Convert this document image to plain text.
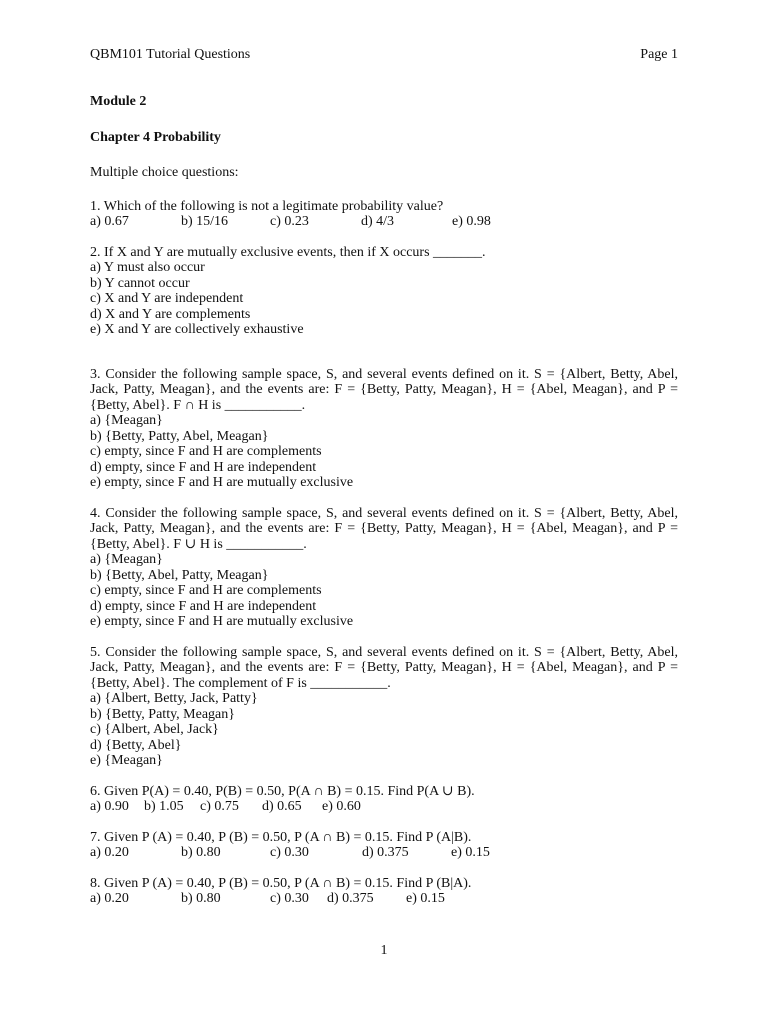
QBM101 Tutorial Questions	Page 1
Module 2
Chapter 4 Probability
Multiple choice questions:
1. Which of the following is not a legitimate probability value?
a) 0.67	b) 15/16	c) 0.23	d) 4/3	e) 0.98
2. If X and Y are mutually exclusive events, then if X occurs _______.
a) Y must also occur
b) Y cannot occur
c) X and Y are independent
d) X and Y are complements
e) X and Y are collectively exhaustive
3. Consider the following sample space, S, and several events defined on it. S = {Albert, Betty, Abel, Jack, Patty, Meagan}, and the events are: F = {Betty, Patty, Meagan}, H = {Abel, Meagan}, and P = {Betty, Abel}. F ∩ H is ___________.
a) {Meagan}
b) {Betty, Patty, Abel, Meagan}
c) empty, since F and H are complements
d) empty, since F and H are independent
e) empty, since F and H are mutually exclusive
4. Consider the following sample space, S, and several events defined on it. S = {Albert, Betty, Abel, Jack, Patty, Meagan}, and the events are: F = {Betty, Patty, Meagan}, H = {Abel, Meagan}, and P = {Betty, Abel}. F ∪ H is ___________.
a) {Meagan}
b) {Betty, Abel, Patty, Meagan}
c) empty, since F and H are complements
d) empty, since F and H are independent
e) empty, since F and H are mutually exclusive
5. Consider the following sample space, S, and several events defined on it. S = {Albert, Betty, Abel, Jack, Patty, Meagan}, and the events are: F = {Betty, Patty, Meagan}, H = {Abel, Meagan}, and P = {Betty, Abel}. The complement of F is ___________.
a) {Albert, Betty, Jack, Patty}
b) {Betty, Patty, Meagan}
c) {Albert, Abel, Jack}
d) {Betty, Abel}
e) {Meagan}
6. Given P(A) = 0.40, P(B) = 0.50, P(A ∩ B) = 0.15. Find P(A ∪ B).
a) 0.90 b) 1.05 c) 0.75 d) 0.65 e) 0.60
7. Given P (A) = 0.40, P (B) = 0.50, P (A ∩ B) = 0.15. Find P (A|B).
a) 0.20	b) 0.80	c) 0.30	d) 0.375	e) 0.15
8. Given P (A) = 0.40, P (B) = 0.50, P (A ∩ B) = 0.15. Find P (B|A).
a) 0.20	b) 0.80	c) 0.30 d) 0.375 e) 0.15
1
